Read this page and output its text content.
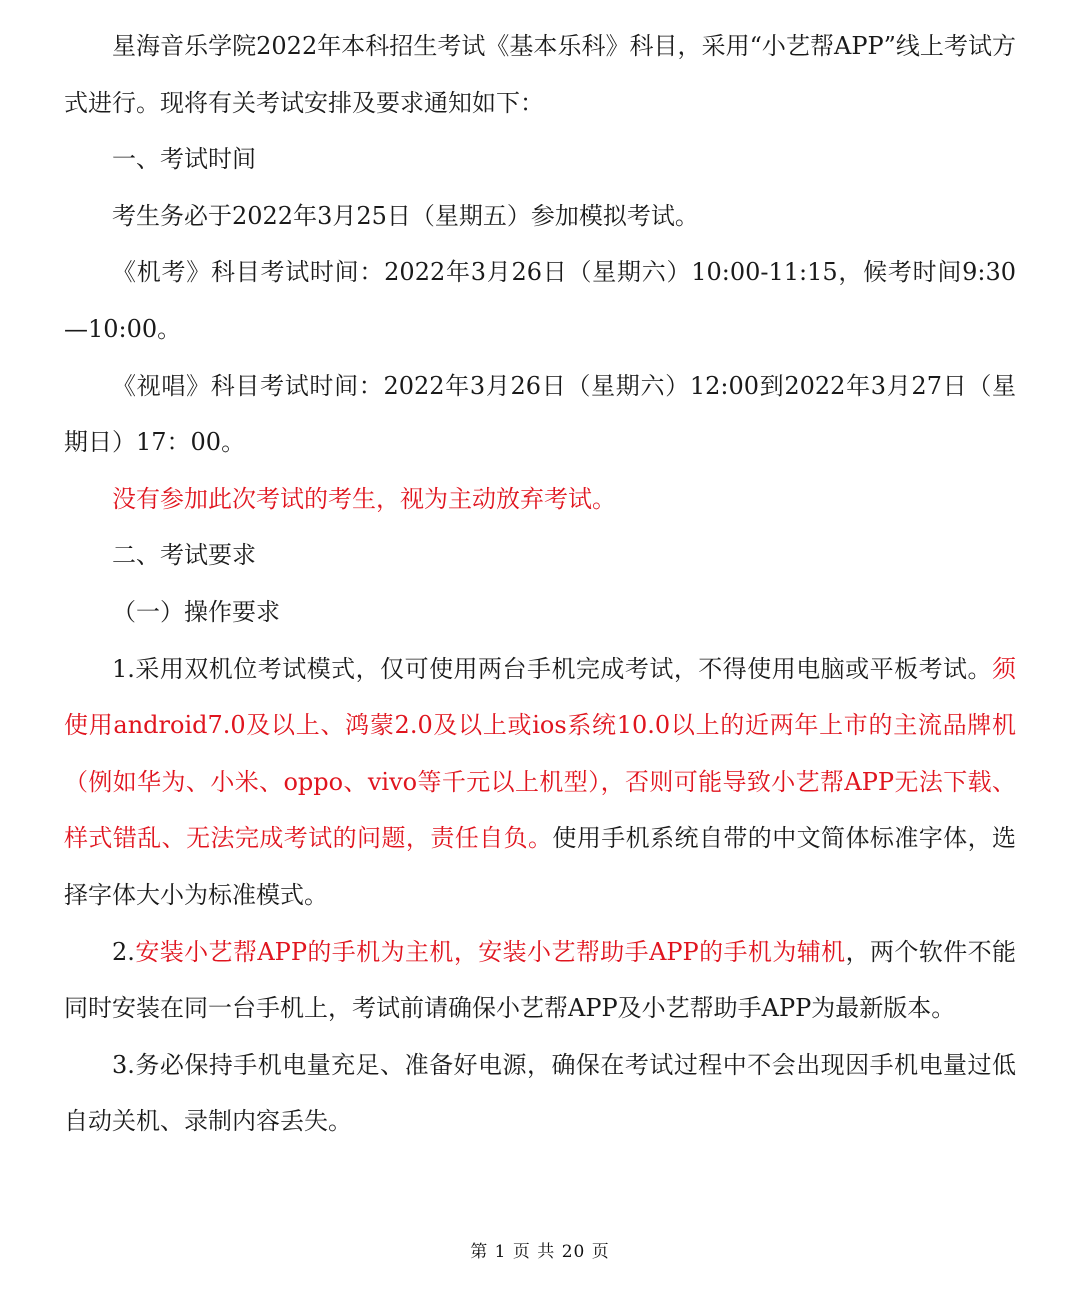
星海音乐学院2022年本科招生考试《基本乐科》科目，采用“小艺帮APP”线上考试方式进行。现将有关考试安排及要求通知如下：

一、考试时间

考生务必于2022年3月25日（星期五）参加模拟考试。

《机考》科目考试时间：2022年3月26日（星期六）10:00-11:15，候考时间9:30—10:00。

《视唱》科目考试时间：2022年3月26日（星期六）12:00到2022年3月27日（星期日）17：00。

没有参加此次考试的考生，视为主动放弃考试。

二、考试要求

（一）操作要求

1.采用双机位考试模式，仅可使用两台手机完成考试，不得使用电脑或平板考试。须使用android7.0及以上、鸿蒙2.0及以上或ios系统10.0以上的近两年上市的主流品牌机（例如华为、小米、oppo、vivo等千元以上机型），否则可能导致小艺帮APP无法下载、样式错乱、无法完成考试的问题，责任自负。使用手机系统自带的中文简体标准字体，选择字体大小为标准模式。

2.安装小艺帮APP的手机为主机，安装小艺帮助手APP的手机为辅机，两个软件不能同时安装在同一台手机上，考试前请确保小艺帮APP及小艺帮助手APP为最新版本。

3.务必保持手机电量充足、准备好电源，确保在考试过程中不会出现因手机电量过低自动关机、录制内容丢失。

第 1 页 共 20 页
